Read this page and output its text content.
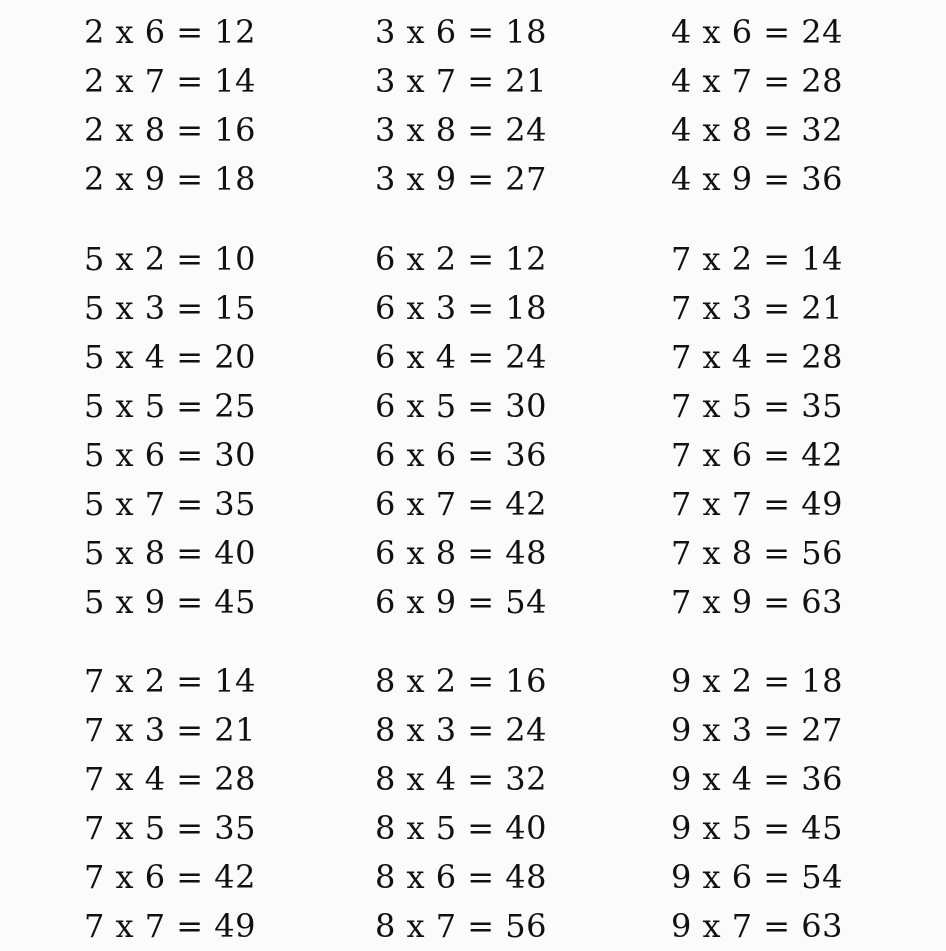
2 x 6 = 12
2 x 7 = 14
2 x 8 = 16
2 x 9 = 18
3 x 6 = 18
3 x 7 = 21
3 x 8 = 24
3 x 9 = 27
4 x 6 = 24
4 x 7 = 28
4 x 8 = 32
4 x 9 = 36
5 x 2 = 10
5 x 3 = 15
5 x 4 = 20
5 x 5 = 25
5 x 6 = 30
5 x 7 = 35
5 x 8 = 40
5 x 9 = 45
6 x 2 = 12
6 x 3 = 18
6 x 4 = 24
6 x 5 = 30
6 x 6 = 36
6 x 7 = 42
6 x 8 = 48
6 x 9 = 54
7 x 2 = 14
7 x 3 = 21
7 x 4 = 28
7 x 5 = 35
7 x 6 = 42
7 x 7 = 49
7 x 8 = 56
7 x 9 = 63
7 x 2 = 14
7 x 3 = 21
7 x 4 = 28
7 x 5 = 35
7 x 6 = 42
7 x 7 = 49
8 x 2 = 16
8 x 3 = 24
8 x 4 = 32
8 x 5 = 40
8 x 6 = 48
8 x 7 = 56
9 x 2 = 18
9 x 3 = 27
9 x 4 = 36
9 x 5 = 45
9 x 6 = 54
9 x 7 = 63
